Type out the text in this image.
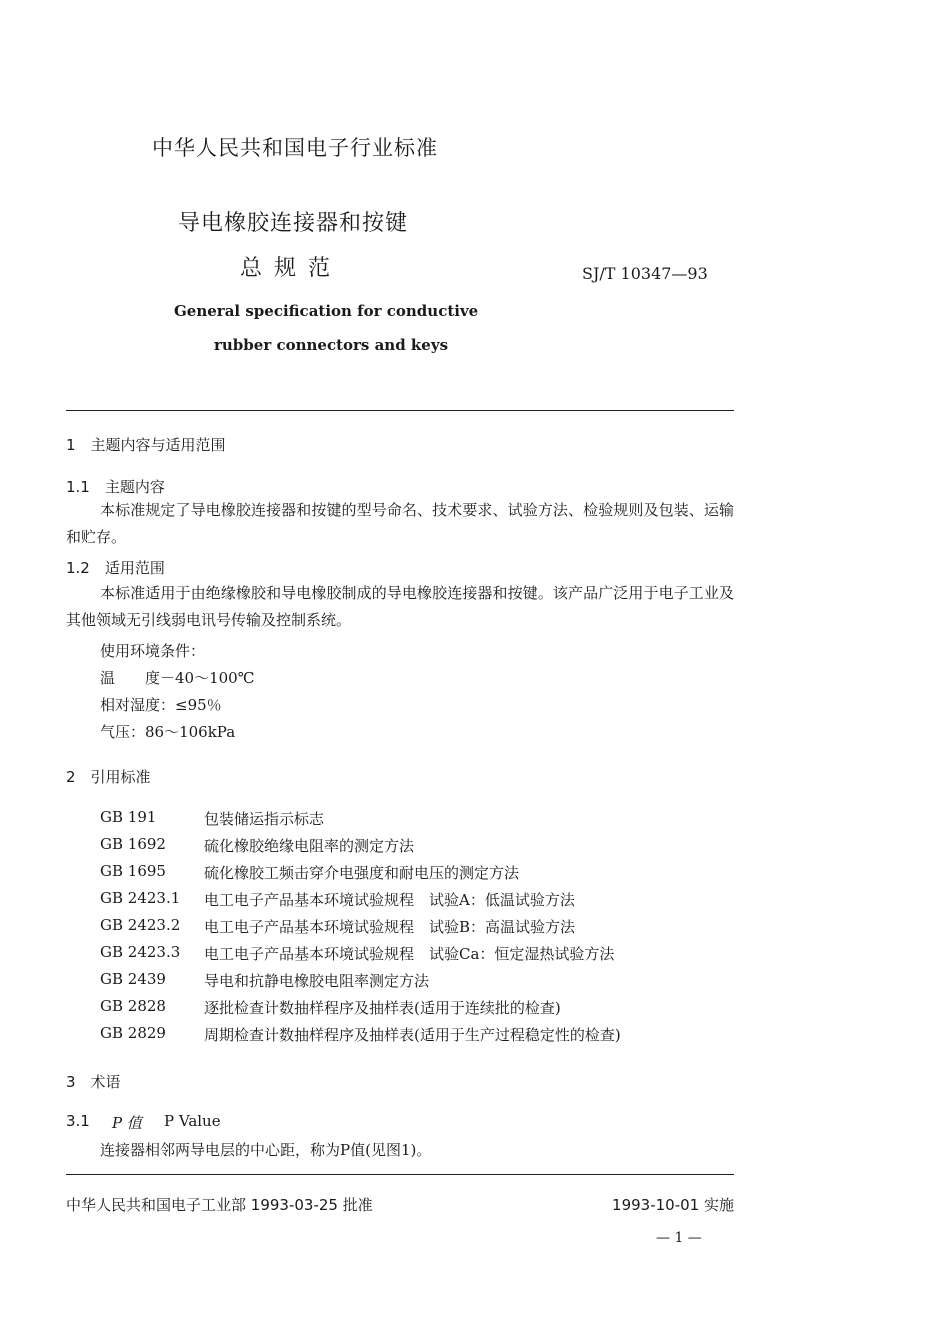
中华人民共和国电子行业标准
导电橡胶连接器和按键
总规范	SJ/T 10347—93
General specification for conductive
rubber connectors and keys
1　主题内容与适用范围
1.1　主题内容
本标准规定了导电橡胶连接器和按键的型号命名、技术要求、试验方法、检验规则及包装、运输和贮存。
1.2　适用范围
本标准适用于由绝缘橡胶和导电橡胶制成的导电橡胶连接器和按键。该产品广泛用于电子工业及其他领域无引线弱电讯号传输及控制系统。
使用环境条件：
温　　度－40～100℃
相对湿度：≤95％
气压：86～106kPa
2　引用标准
GB 191	包装储运指示标志
GB 1692	硫化橡胶绝缘电阻率的测定方法
GB 1695	硫化橡胶工频击穿介电强度和耐电压的测定方法
GB 2423.1 电工电子产品基本环境试验规程　试验A：低温试验方法
GB 2423.2 电工电子产品基本环境试验规程　试验B：高温试验方法
GB 2423.3 电工电子产品基本环境试验规程　试验Ca：恒定湿热试验方法
GB 2439	导电和抗静电橡胶电阻率测定方法
GB 2828	逐批检查计数抽样程序及抽样表(适用于连续批的检查)
GB 2829	周期检查计数抽样程序及抽样表(适用于生产过程稳定性的检查)
3　术语
3.1 P 值 P Value
连接器相邻两导电层的中心距，称为P值(见图1)。
中华人民共和国电子工业部 1993-03-25 批准	1993-10-01 实施
— 1 —
